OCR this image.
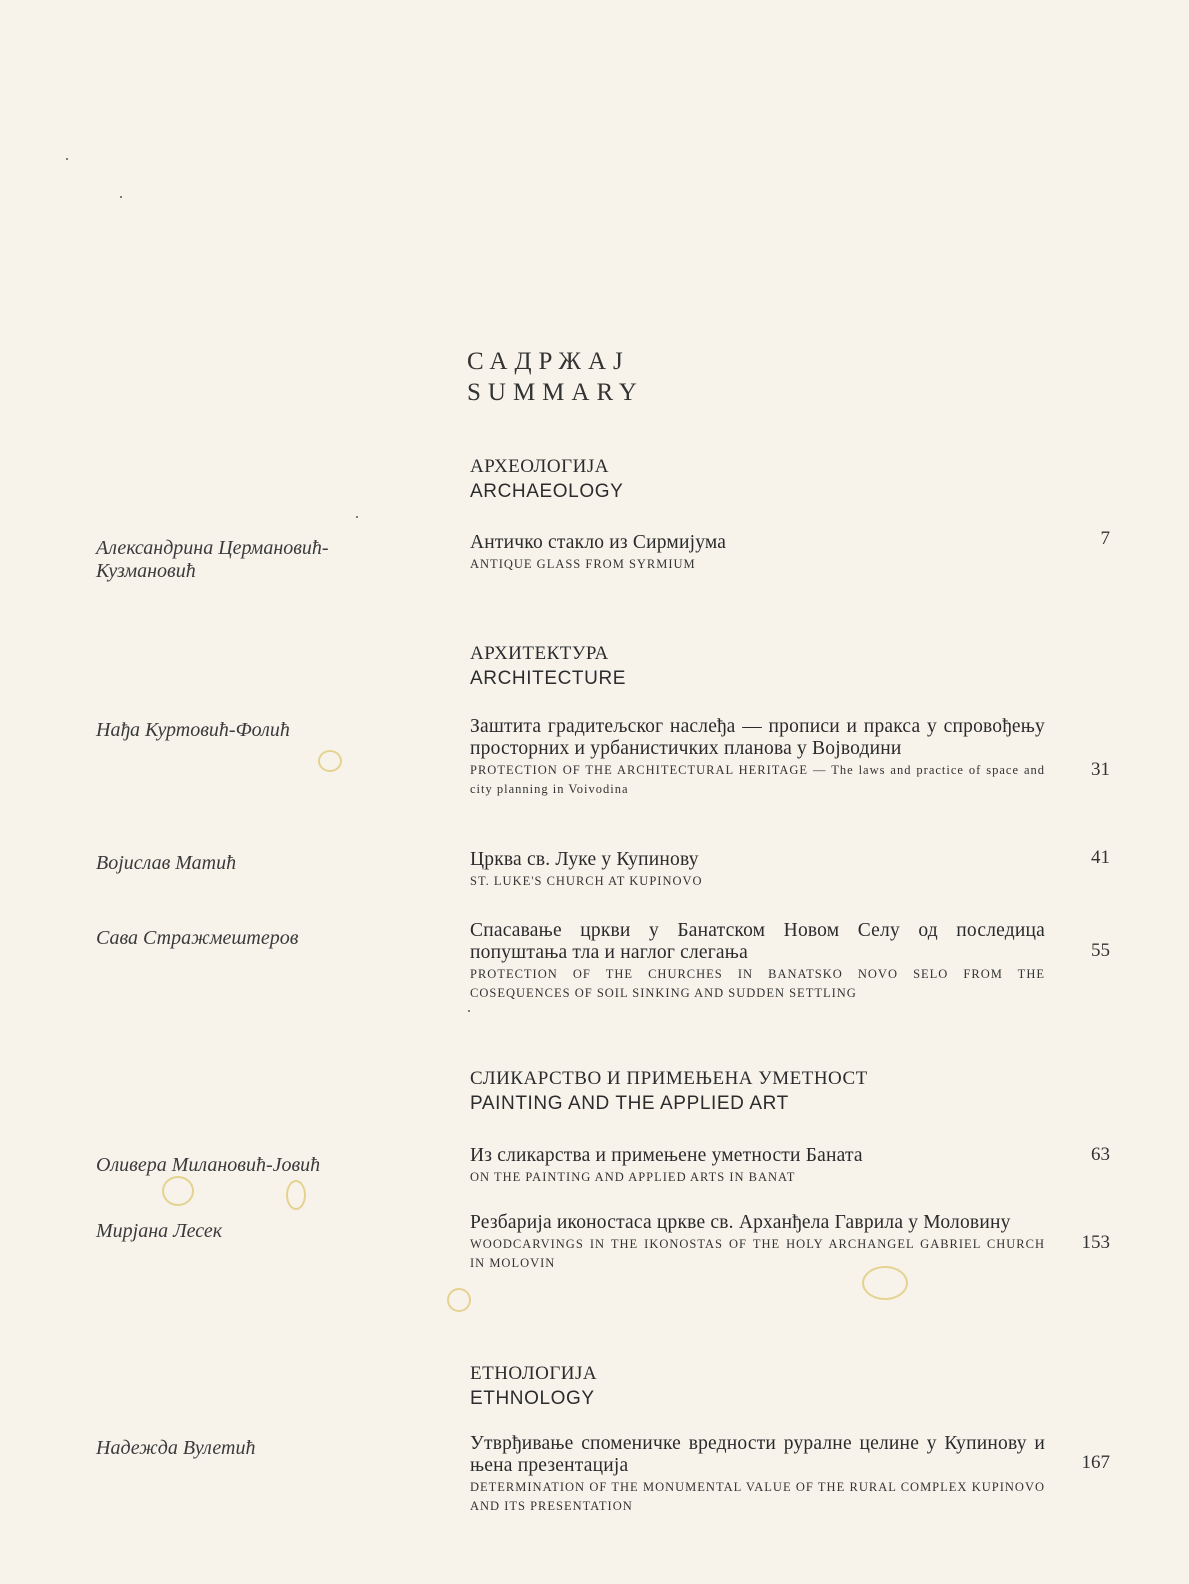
САДРЖАЈ
SUMMARY
АРХЕОЛОГИЈА
ARCHAEOLOGY
Александрина Цермановић-Кузмановић
Античко стакло из Сирмијума
ANTIQUE GLASS FROM SYRMIUM
7
АРХИТЕКТУРА
ARCHITECTURE
Нађа Куртовић-Фолић	Заштита градитељског наслеђа — прописи и пракса у спровођењу просторних и урбанистичких планова у Војводини
PROTECTION OF THE ARCHITECTURAL HERITAGE — The laws and practice of space and city planning in Voivodina
31
Војислав Матић	Црква св. Луке у Купинову
ST. LUKE'S CHURCH AT KUPINOVO
41
Сава Стражмештеров	Спасавање цркви у Банатском Новом Селу од последица попуштања тла и наглог слегања
PROTECTION OF THE CHURCHES IN BANATSKO NOVO SELO FROM THE COSEQUENCES OF SOIL SINKING AND SUDDEN SETTLING
55
СЛИКАРСТВО И ПРИМЕЊЕНА УМЕТНОСТ
PAINTING AND THE APPLIED ART
Оливера Милановић-Јовић	Из сликарства и примењене уметности Баната
ON THE PAINTING AND APPLIED ARTS IN BANAT
63
Мирјана Лесек	Резбарија иконостаса цркве св. Арханђела Гаврила у Моловину
WOODCARVINGS IN THE IKONOSTAS OF THE HOLY ARCHANGEL GABRIEL CHURCH IN MOLOVIN
153
ЕТНОЛОГИЈА
ETHNOLOGY
Надежда Вулетић	Утврђивање споменичке вредности руралне целине у Купинову и њена презентација
DETERMINATION OF THE MONUMENTAL VALUE OF THE RURAL COMPLEX KUPINOVO AND ITS PRESENTATION
167
